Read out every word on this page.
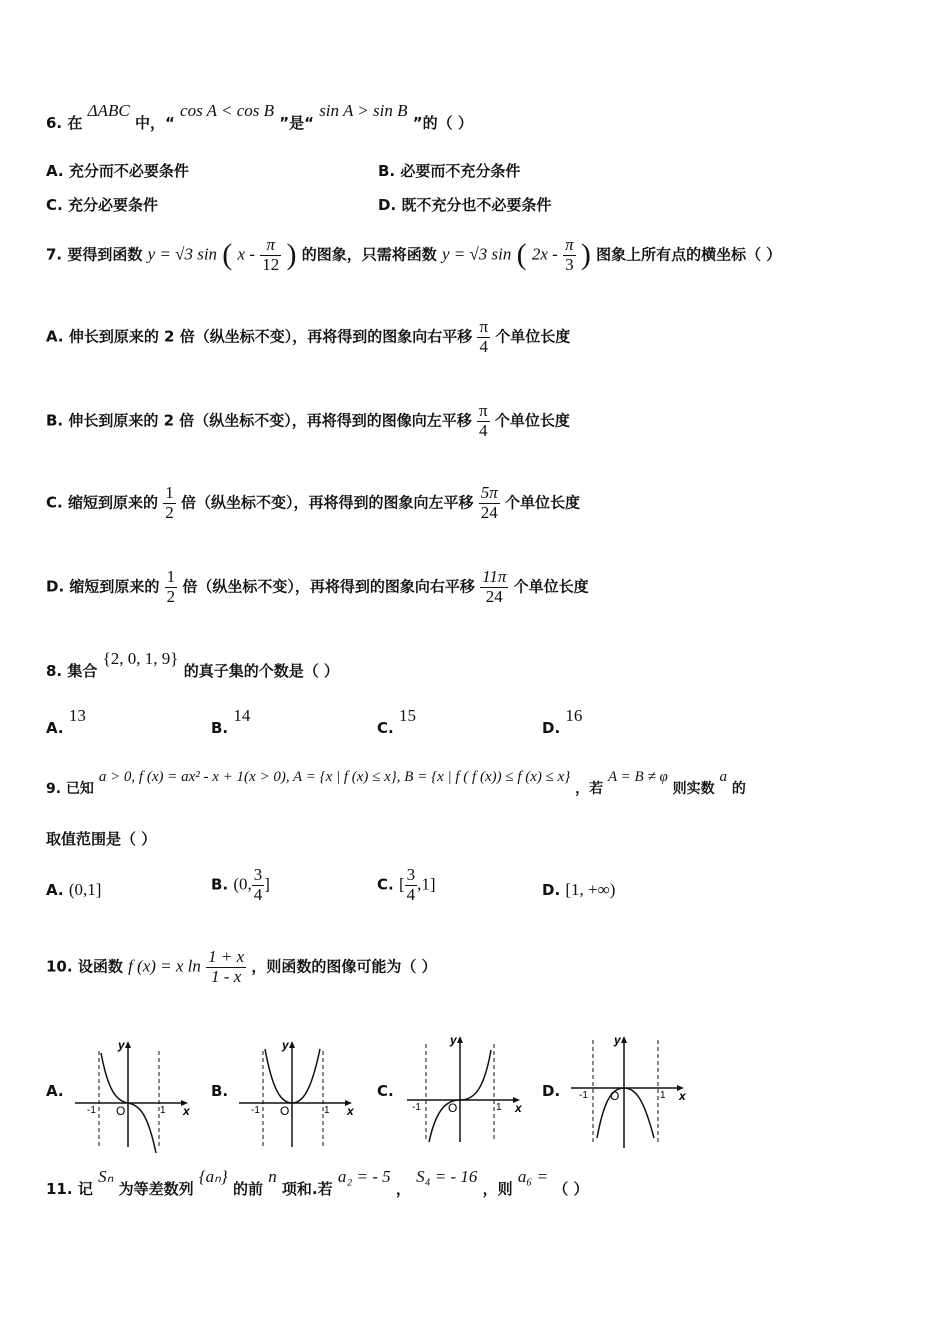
6. 在 ΔABC 中，“ cos A < cos B ”是“ sin A > sin B ”的（ ）
A. 充分而不必要条件	B. 必要而不充分条件
C. 充分必要条件	D. 既不充分也不必要条件
7. 要得到函数 y = √3 sin ( x - $\frac{\pi}{12}$ ) 的图象，只需将函数 y = √3 sin ( $2x - \frac{\pi}{3}$ ) 图象上所有点的横坐标（ ）
A. 伸长到原来的 2 倍（纵坐标不变），再将得到的图象向右平移 $\frac{\pi}{4}$ 个单位长度
B. 伸长到原来的 2 倍（纵坐标不变），再将得到的图像向左平移 $\frac{\pi}{4}$ 个单位长度
C. 缩短到原来的 $\frac{1}{2}$ 倍（纵坐标不变），再将得到的图象向左平移 $\frac{5\pi}{24}$ 个单位长度
D. 缩短到原来的 $\frac{1}{2}$ 倍（纵坐标不变），再将得到的图象向右平移 $\frac{11\pi}{24}$ 个单位长度
8. 集合 {2, 0, 1, 9} 的真子集的个数是（ ）
A. 13
B. 14
C. 15
D. 16
9. 已知 a > 0, f (x) = ax² - x + 1(x > 0), A = {x | f (x) ≤ x}, B = {x | f ( f (x)) ≤ f (x) ≤ x} ，若 A = B ≠ φ 则实数 a 的
取值范围是（ ）
A. (0,1]	B. (0, $\frac{3}{4}$ ]	C. [ $\frac{3}{4} ,1$]	D. [1, +∞)
10. 设函数 f (x) = x $\ln \frac{1 + x}{1 - x}$ ，则函数的图像可能为（ ）
A.	B.	C.	D.
y
x
O
-1	1
y
x
O
-1	1
y
x
O
-1	1
y
x
O
-1	1
11. 记 Sₙ 为等差数列 {aₙ} 的前 n 项和.若 a₂ = - 5 ， S₄ = - 16 ，则 a₆ = （ ）
